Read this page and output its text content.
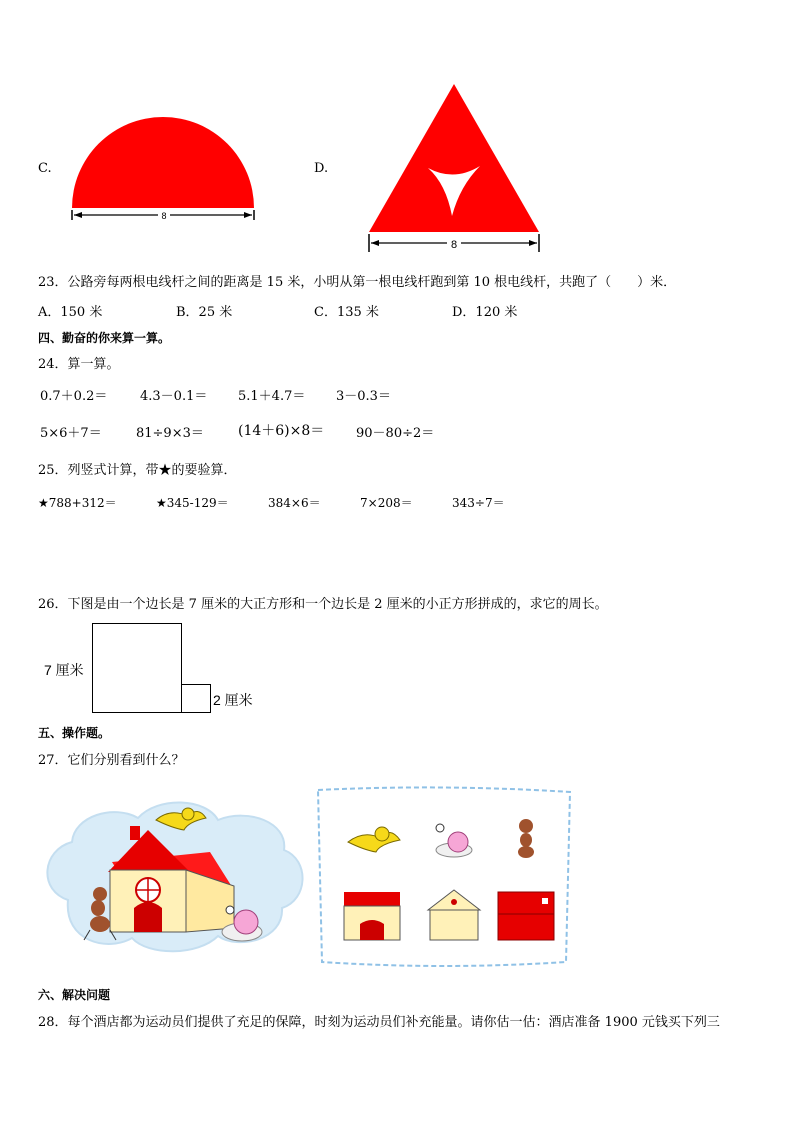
C.
8
D.
8
23．公路旁每两根电线杆之间的距离是 15 米，小明从第一根电线杆跑到第 10 根电线杆，共跑了（　　）米．
A．150 米	B．25 米	C．135 米	D．120 米
四、勤奋的你来算一算。
24．算一算。
0.7＋0.2＝	4.3－0.1＝ 5.1＋4.7＝ 3－0.3＝
5×6＋7＝	81÷9×3＝ (14＋6)×8＝ 90－80÷2＝
25．列竖式计算，带★的要验算．
★788+312＝	★345-129＝	384×6＝	7×208＝	343÷7＝
26．下图是由一个边长是 7 厘米的大正方形和一个边长是 2 厘米的小正方形拼成的，求它的周长。
7 厘米
2 厘米
五、操作题。
27．它们分别看到什么？
六、解决问题
28．每个酒店都为运动员们提供了充足的保障，时刻为运动员们补充能量。请你估一估：酒店准备 1900 元钱买下列三
